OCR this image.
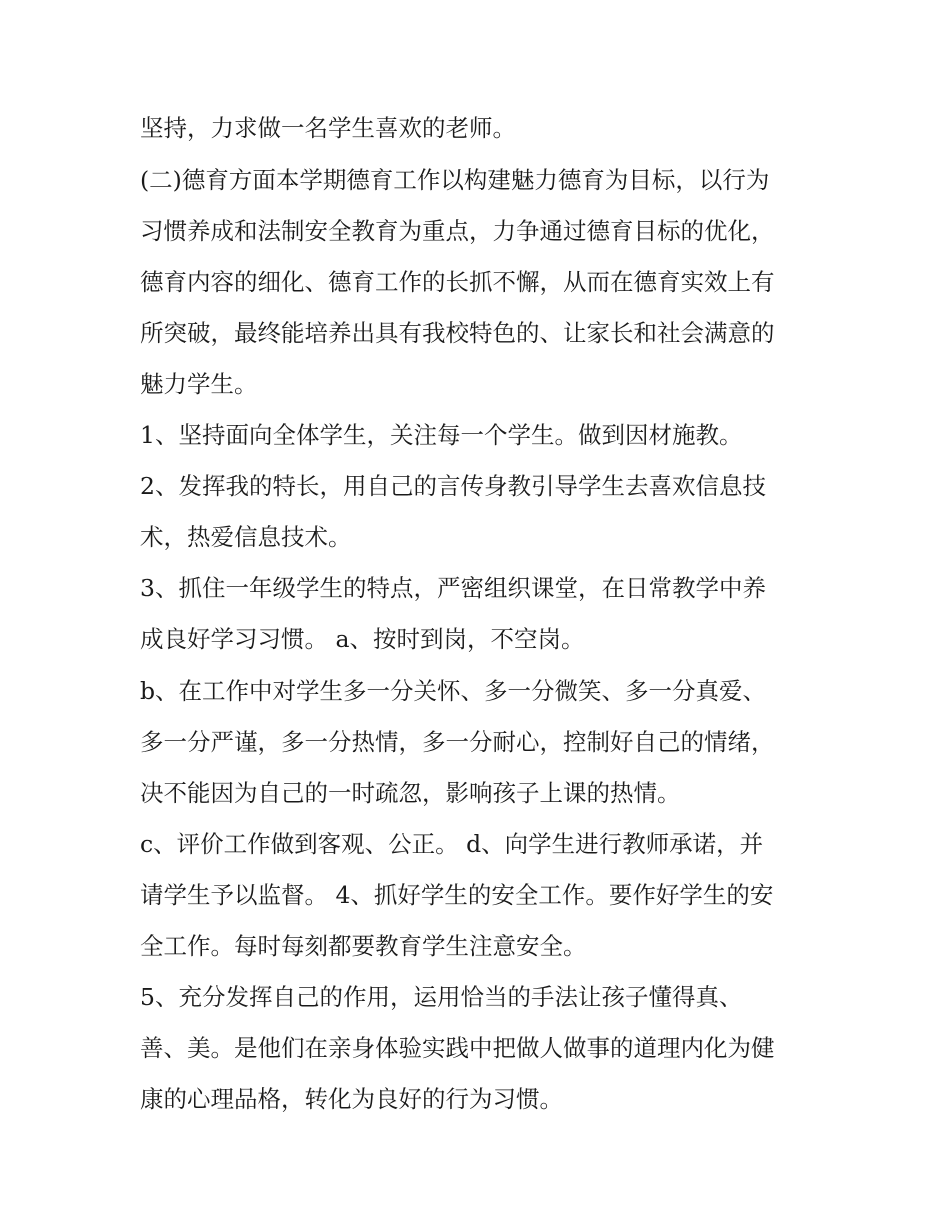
坚持，力求做一名学生喜欢的老师。
(二)德育方面本学期德育工作以构建魅力德育为目标，以行为
习惯养成和法制安全教育为重点，力争通过德育目标的优化，
德育内容的细化、德育工作的长抓不懈，从而在德育实效上有
所突破，最终能培养出具有我校特色的、让家长和社会满意的
魅力学生。
1、坚持面向全体学生，关注每一个学生。做到因材施教。
2、发挥我的特长，用自己的言传身教引导学生去喜欢信息技
术，热爱信息技术。
3、抓住一年级学生的特点，严密组织课堂，在日常教学中养
成良好学习习惯。 a、按时到岗，不空岗。
b、在工作中对学生多一分关怀、多一分微笑、多一分真爱、
多一分严谨，多一分热情，多一分耐心，控制好自己的情绪，
决不能因为自己的一时疏忽，影响孩子上课的热情。
c、评价工作做到客观、公正。 d、向学生进行教师承诺，并
请学生予以监督。 4、抓好学生的安全工作。要作好学生的安
全工作。每时每刻都要教育学生注意安全。
5、充分发挥自己的作用，运用恰当的手法让孩子懂得真、
善、美。是他们在亲身体验实践中把做人做事的道理内化为健
康的心理品格，转化为良好的行为习惯。
